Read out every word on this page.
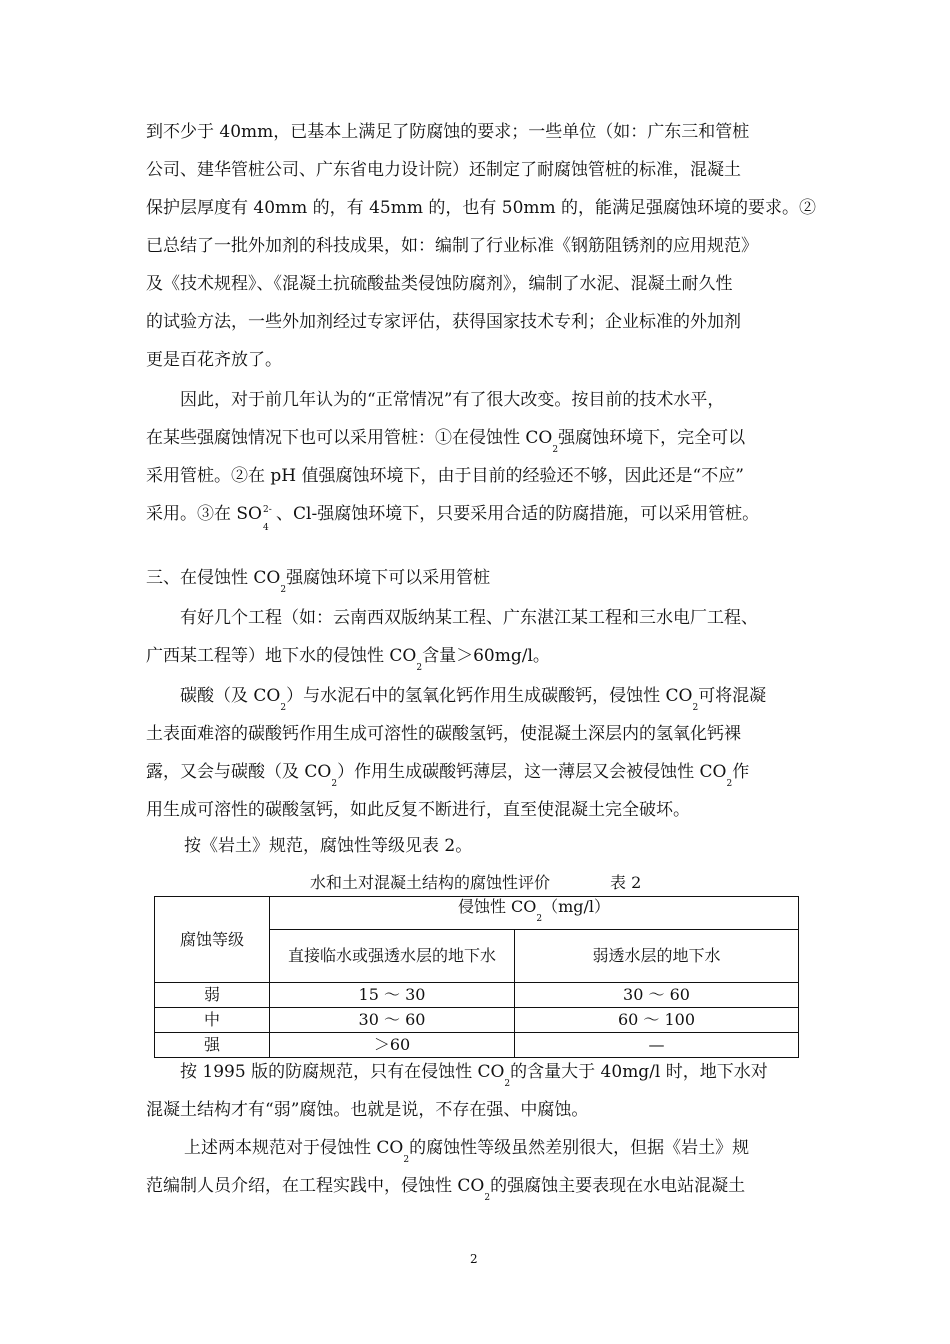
到不少于 40mm，已基本上满足了防腐蚀的要求；一些单位（如：广东三和管桩
公司、建华管桩公司、广东省电力设计院）还制定了耐腐蚀管桩的标准，混凝土
保护层厚度有 40mm 的，有 45mm 的，也有 50mm 的，能满足强腐蚀环境的要求。②
已总结了一批外加剂的科技成果，如：编制了行业标准《钢筋阻锈剂的应用规范》
及《技术规程》、《混凝土抗硫酸盐类侵蚀防腐剂》，编制了水泥、混凝土耐久性
的试验方法，一些外加剂经过专家评估，获得国家技术专利；企业标准的外加剂
更是百花齐放了。
因此，对于前几年认为的“正常情况”有了很大改变。按目前的技术水平，
在某些强腐蚀情况下也可以采用管桩：①在侵蚀性 $CO_2$强腐蚀环境下，完全可以
采用管桩。②在 pH 值强腐蚀环境下，由于目前的经验还不够，因此还是“不应”
采用。③在 SO 2-
4
、Cl-强腐蚀环境下，只要采用合适的防腐措施，可以采用管桩。
三、在侵蚀性 $CO_2$强腐蚀环境下可以采用管桩
有好几个工程（如：云南西双版纳某工程、广东湛江某工程和三水电厂工程、
广西某工程等）地下水的侵蚀性 $CO_2$含量＞60mg/l。
碳酸（及 $CO_2$）与水泥石中的氢氧化钙作用生成碳酸钙，侵蚀性 $CO_2$可将混凝
土表面难溶的碳酸钙作用生成可溶性的碳酸氢钙，使混凝土深层内的氢氧化钙裸
露，又会与碳酸（及 $CO_2$）作用生成碳酸钙薄层，这一薄层又会被侵蚀性 $CO_2$作
用生成可溶性的碳酸氢钙，如此反复不断进行，直至使混凝土完全破坏。
按《岩土》规范，腐蚀性等级见表 2。
水和土对混凝土结构的腐蚀性评价	表 2
腐蚀等级	侵蚀性 $CO_2(mg/l)$	
	直接临水或强透水层的地下水	弱透水层的地下水
弱	15 ～ 30	30 ～ 60
中	30 ～ 60	60 ～ 100
强	＞60	—
按 1995 版的防腐规范，只有在侵蚀性 $CO_2$的含量大于 40mg/l 时，地下水对
混凝土结构才有“弱”腐蚀。也就是说，不存在强、中腐蚀。
上述两本规范对于侵蚀性 $CO_2$的腐蚀性等级虽然差别很大，但据《岩土》规
范编制人员介绍，在工程实践中，侵蚀性 $CO_2$的强腐蚀主要表现在水电站混凝土
2
